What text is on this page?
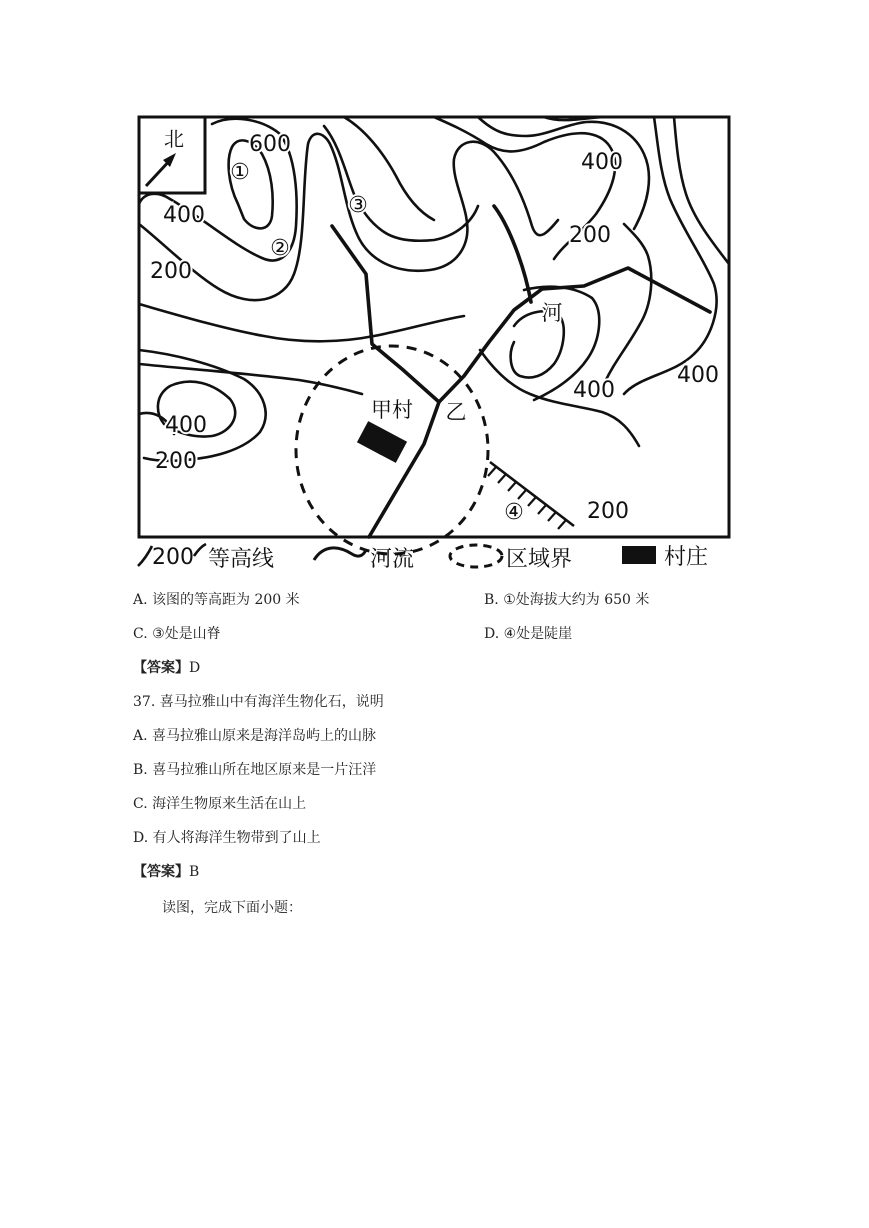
北	600
400
200
400
200
400
200
400
400
200
①
②
③
④
甲村 乙
河
200 等高线	河流	区域界	村庄
A. 该图的等高距为 200 米	B. ①处海拔大约为 650 米
C. ③处是山脊	D. ④处是陡崖
【答案】D
37. 喜马拉雅山中有海洋生物化石，说明
A. 喜马拉雅山原来是海洋岛屿上的山脉
B. 喜马拉雅山所在地区原来是一片汪洋
C. 海洋生物原来生活在山上
D. 有人将海洋生物带到了山上
【答案】B
读图，完成下面小题：
